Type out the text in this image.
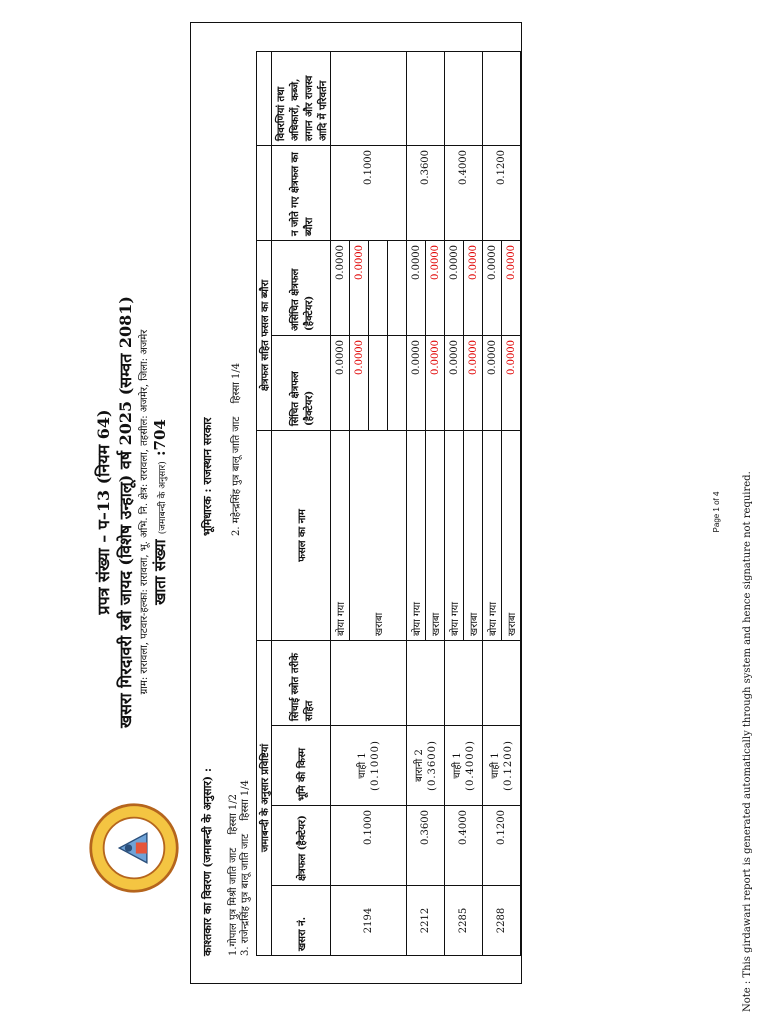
प्रपत्र संख्या – प–13 (नियम 64) खसरा गिरदावरी रबी जायद (विशेष उन्हालू) वर्ष 2025 (सम्वत 2081) ग्राम: रारावला, पटवार-हल्का: रारावला, भू. अभि. नि. क्षेत्र: रारावला, तहसील: अजमेर, जिला: अजमेर खाता संख्या (जमाबन्दी के अनुसार) :704
काश्तकार का विवरण (जमाबन्दी के अनुसार) :
भूमिधारक : राजस्थान सरकार
1.गोपाल पुत्र मिश्री जाति जाट हिस्सा 1/2
3. राजेन्द्रसिंह पुत्र बालू जाति जाट हिस्सा 1/4
2. महेन्द्रसिंह पुत्र बालू जाति जाट हिस्सा 1/4
जमाबन्दी के अनुसार प्रविष्टियां					क्षेत्रफल सहित फसल का ब्यौरा			
खसरा नं.	क्षेत्रफल (हैक्टेयर)	भूमि की किस्म	सिंचाई स्त्रोत तरीके सहित	फसल का नाम	सिंचित क्षेत्रफल (हैक्टेयर)	असिंचित क्षेत्रफल (हैक्टेयर)	न जोते गए क्षेत्रफल का ब्यौरा	विवरणियां तथा अधिकारों, कब्जे, लगान और राजस्व आदि में परिवर्तन
2194	0.1000	चाही 1 (0.1000)		बोया गया	0.0000	0.0000	0.1000	
				खराबा	0.0000	0.0000		

2212	0.3600	बारानी 2 (0.3600)		बोया गया	0.0000	0.0000	0.3600	
				खराबा	0.0000	0.0000		
2285	0.4000	चाही 1 (0.4000)		बोया गया	0.0000	0.0000	0.4000	
				खराबा	0.0000	0.0000		
2288	0.1200	चाही 1 (0.1200)		बोया गया	0.0000	0.0000	0.1200	
				खराबा	0.0000	0.0000		
Page 1 of 4 Note : This girdawari report is generated automatically through system and hence signature not required.
